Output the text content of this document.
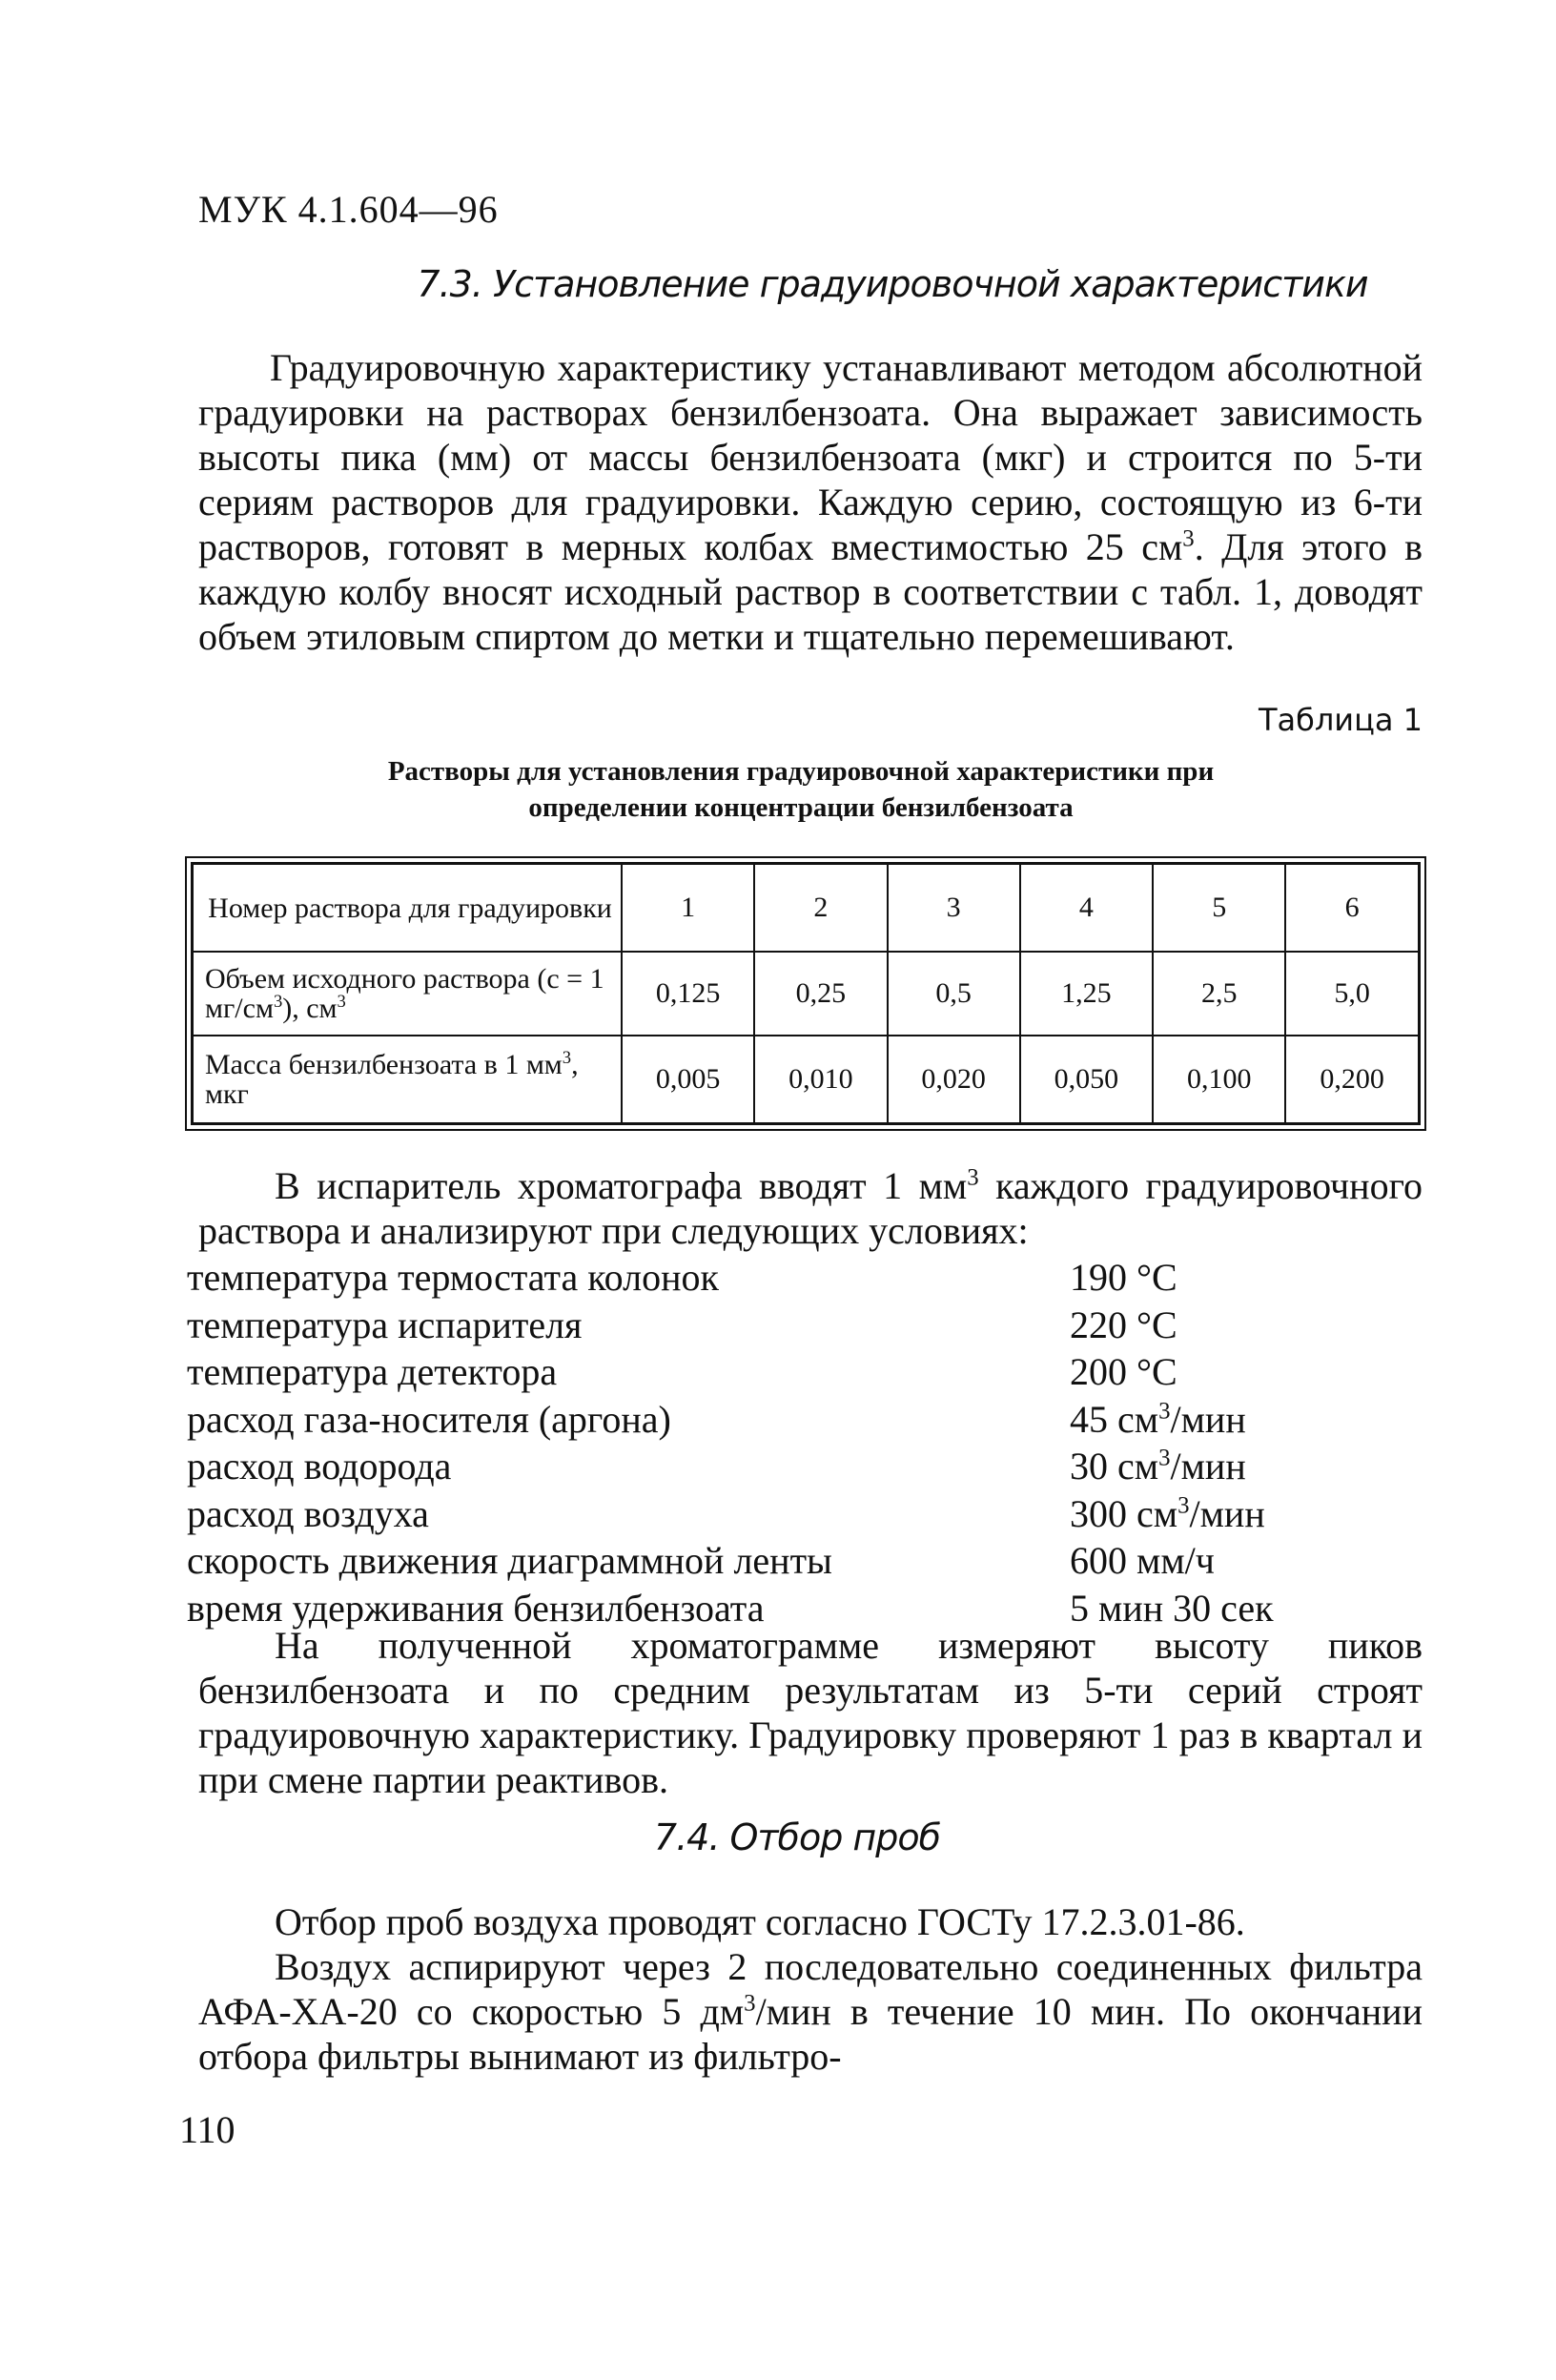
МУК 4.1.604—96
7.3. Установление градуировочной характеристики
Градуировочную характеристику устанавливают методом абсолютной градуировки на растворах бензилбензоата. Она выражает зависимость высоты пика (мм) от массы бензилбензоата (мкг) и строится по 5-ти сериям растворов для градуировки. Каждую серию, состоящую из 6-ти растворов, готовят в мерных колбах вместимостью 25 $см^3$. Для этого в каждую колбу вносят исходный раствор в соответствии с табл. 1, доводят объем этиловым спиртом до метки и тщательно перемешивают.
Таблица 1
Растворы для установления градуировочной характеристики при
определении концентрации бензилбензоата
Номер раствора для градуировки	1	2	3	4	5	6
Объем исходного раствора (с = 1 $мг/см^3$), $см^3$	0,125	0,25	0,5	1,25	2,5	5,0
Масса бензилбензоата в 1 $мм^3$, мкг	0,005	0,010	0,020	0,050	0,100	0,200
В испаритель хроматографа вводят 1 $мм^3$ каждого градуировочного раствора и анализируют при следующих условиях:
температура термостата колонок	190 °С
температура испарителя	220 °С
температура детектора	200 °С
расход газа-носителя (аргона)	45 $см^3$/мин
расход водорода	30 $см^3$/мин
расход воздуха	300 $см^3$/мин
скорость движения диаграммной ленты	600 мм/ч
время удерживания бензилбензоата	5 мин 30 сек
На полученной хроматограмме измеряют высоту пиков бензилбензоата и по средним результатам из 5-ти серий строят градуировочную характеристику. Градуировку проверяют 1 раз в квартал и при смене партии реактивов.
7.4. Отбор проб
Отбор проб воздуха проводят согласно ГОСТу 17.2.3.01-86.
Воздух аспирируют через 2 последовательно соединенных фильтра АФА-ХА-20 со скоростью 5 $дм^3$/мин в течение 10 мин. По окончании отбора фильтры вынимают из фильтро-
110
